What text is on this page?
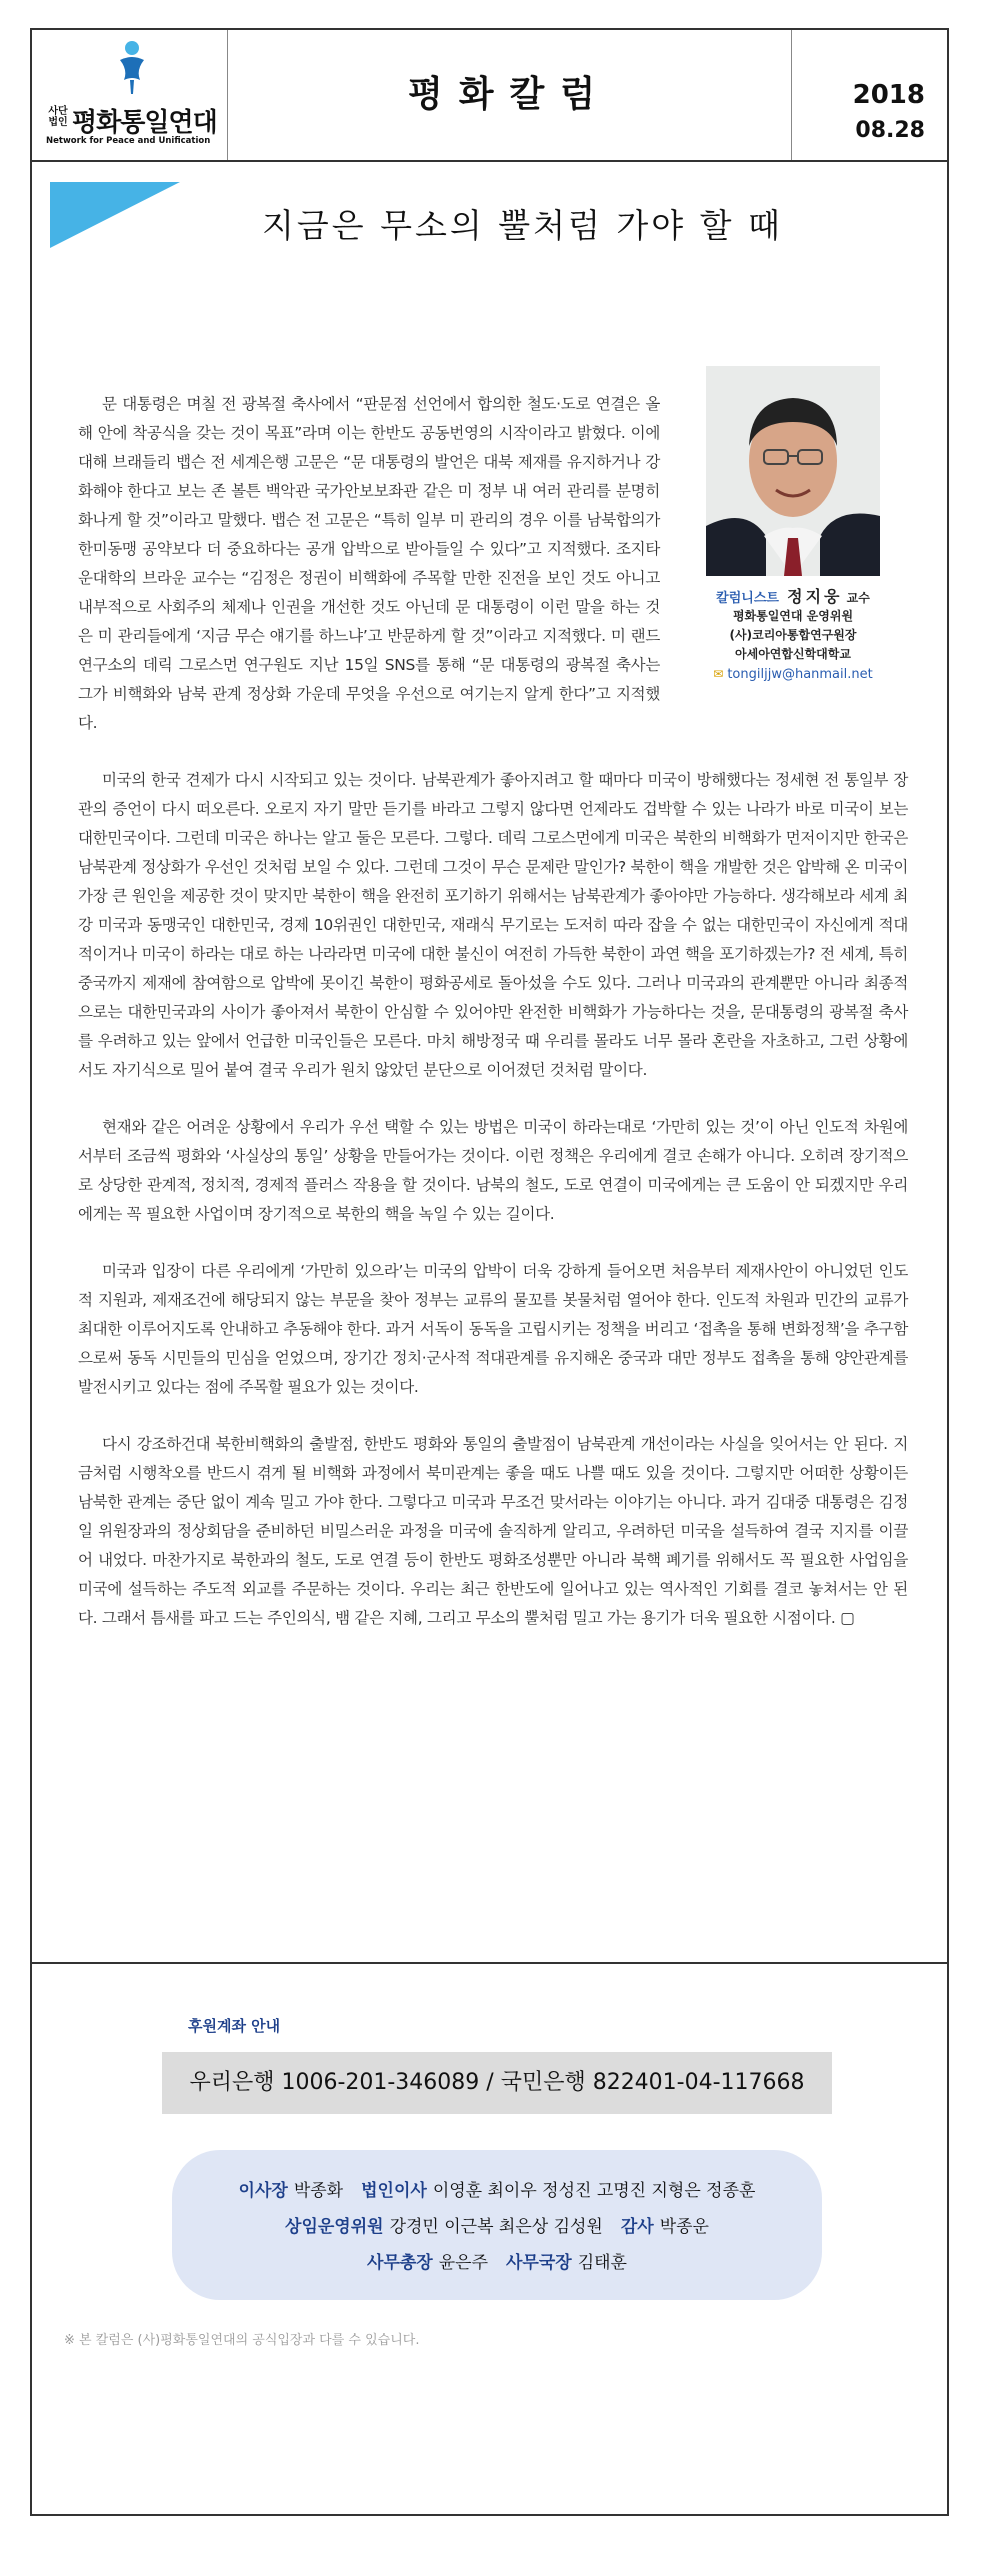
사단법인 평화통일연대
Network for Peace and Unification
평화칼럼	2018
08.28
지금은 무소의 뿔처럼 가야 할 때
칼럼니스트 정지웅 교수
평화통일연대 운영위원
(사)코리아통합연구원장
아세아연합신학대학교
✉ tongiljjw@hanmail.net

문 대통령은 며칠 전 광복절 축사에서 “판문점 선언에서 합의한 철도·도로 연결은 올해 안에 착공식을 갖는 것이 목표”라며 이는 한반도 공동번영의 시작이라고 밝혔다. 이에 대해 브래들리 뱁슨 전 세계은행 고문은 “문 대통령의 발언은 대북 제재를 유지하거나 강화해야 한다고 보는 존 볼튼 백악관 국가안보보좌관 같은 미 정부 내 여러 관리를 분명히 화나게 할 것”이라고 말했다. 뱁슨 전 고문은 “특히 일부 미 관리의 경우 이를 남북합의가 한미동맹 공약보다 더 중요하다는 공개 압박으로 받아들일 수 있다”고 지적했다. 조지타운대학의 브라운 교수는 “김정은 정권이 비핵화에 주목할 만한 진전을 보인 것도 아니고 내부적으로 사회주의 체제나 인권을 개선한 것도 아닌데 문 대통령이 이런 말을 하는 것은 미 관리들에게 ‘지금 무슨 얘기를 하느냐’고 반문하게 할 것”이라고 지적했다. 미 랜드연구소의 데릭 그로스먼 연구원도 지난 15일 SNS를 통해 “문 대통령의 광복절 축사는 그가 비핵화와 남북 관계 정상화 가운데 무엇을 우선으로 여기는지 알게 한다”고 지적했다.

미국의 한국 견제가 다시 시작되고 있는 것이다. 남북관계가 좋아지려고 할 때마다 미국이 방해했다는 정세현 전 통일부 장관의 증언이 다시 떠오른다. 오로지 자기 말만 듣기를 바라고 그렇지 않다면 언제라도 겁박할 수 있는 나라가 바로 미국이 보는 대한민국이다. 그런데 미국은 하나는 알고 둘은 모른다. 그렇다. 데릭 그로스먼에게 미국은 북한의 비핵화가 먼저이지만 한국은 남북관계 정상화가 우선인 것처럼 보일 수 있다. 그런데 그것이 무슨 문제란 말인가? 북한이 핵을 개발한 것은 압박해 온 미국이 가장 큰 원인을 제공한 것이 맞지만 북한이 핵을 완전히 포기하기 위해서는 남북관계가 좋아야만 가능하다. 생각해보라 세계 최강 미국과 동맹국인 대한민국, 경제 10위권인 대한민국, 재래식 무기로는 도저히 따라 잡을 수 없는 대한민국이 자신에게 적대적이거나 미국이 하라는 대로 하는 나라라면 미국에 대한 불신이 여전히 가득한 북한이 과연 핵을 포기하겠는가? 전 세계, 특히 중국까지 제재에 참여함으로 압박에 못이긴 북한이 평화공세로 돌아섰을 수도 있다. 그러나 미국과의 관계뿐만 아니라 최종적으로는 대한민국과의 사이가 좋아져서 북한이 안심할 수 있어야만 완전한 비핵화가 가능하다는 것을, 문대통령의 광복절 축사를 우려하고 있는 앞에서 언급한 미국인들은 모른다. 마치 해방정국 때 우리를 몰라도 너무 몰라 혼란을 자초하고, 그런 상황에서도 자기식으로 밀어 붙여 결국 우리가 원치 않았던 분단으로 이어졌던 것처럼 말이다.

현재와 같은 어려운 상황에서 우리가 우선 택할 수 있는 방법은 미국이 하라는대로 ‘가만히 있는 것’이 아닌 인도적 차원에서부터 조금씩 평화와 ‘사실상의 통일’ 상황을 만들어가는 것이다. 이런 정책은 우리에게 결코 손해가 아니다. 오히려 장기적으로 상당한 관계적, 정치적, 경제적 플러스 작용을 할 것이다. 남북의 철도, 도로 연결이 미국에게는 큰 도움이 안 되겠지만 우리에게는 꼭 필요한 사업이며 장기적으로 북한의 핵을 녹일 수 있는 길이다.

미국과 입장이 다른 우리에게 ‘가만히 있으라’는 미국의 압박이 더욱 강하게 들어오면 처음부터 제재사안이 아니었던 인도적 지원과, 제재조건에 해당되지 않는 부문을 찾아 정부는 교류의 물꼬를 봇물처럼 열어야 한다. 인도적 차원과 민간의 교류가 최대한 이루어지도록 안내하고 추동해야 한다. 과거 서독이 동독을 고립시키는 정책을 버리고 ‘접촉을 통해 변화정책’을 추구함으로써 동독 시민들의 민심을 얻었으며, 장기간 정치·군사적 적대관계를 유지해온 중국과 대만 정부도 접촉을 통해 양안관계를 발전시키고 있다는 점에 주목할 필요가 있는 것이다.

다시 강조하건대 북한비핵화의 출발점, 한반도 평화와 통일의 출발점이 남북관계 개선이라는 사실을 잊어서는 안 된다. 지금처럼 시행착오를 반드시 겪게 될 비핵화 과정에서 북미관계는 좋을 때도 나쁠 때도 있을 것이다. 그렇지만 어떠한 상황이든 남북한 관계는 중단 없이 계속 밀고 가야 한다. 그렇다고 미국과 무조건 맞서라는 이야기는 아니다. 과거 김대중 대통령은 김정일 위원장과의 정상회담을 준비하던 비밀스러운 과정을 미국에 솔직하게 알리고, 우려하던 미국을 설득하여 결국 지지를 이끌어 내었다. 마찬가지로 북한과의 철도, 도로 연결 등이 한반도 평화조성뿐만 아니라 북핵 폐기를 위해서도 꼭 필요한 사업임을 미국에 설득하는 주도적 외교를 주문하는 것이다. 우리는 최근 한반도에 일어나고 있는 역사적인 기회를 결코 놓쳐서는 안 된다. 그래서 틈새를 파고 드는 주인의식, 뱀 같은 지혜, 그리고 무소의 뿔처럼 밀고 가는 용기가 더욱 필요한 시점이다. ▢

후원계좌 안내
우리은행 1006-201-346089 / 국민은행 822401-04-117668
이사장 박종화 법인이사 이영훈 최이우 정성진 고명진 지형은 정종훈
상임운영위원 강경민 이근복 최은상 김성원 감사 박종운
사무총장 윤은주 사무국장 김태훈
※ 본 칼럼은 (사)평화통일연대의 공식입장과 다를 수 있습니다.
